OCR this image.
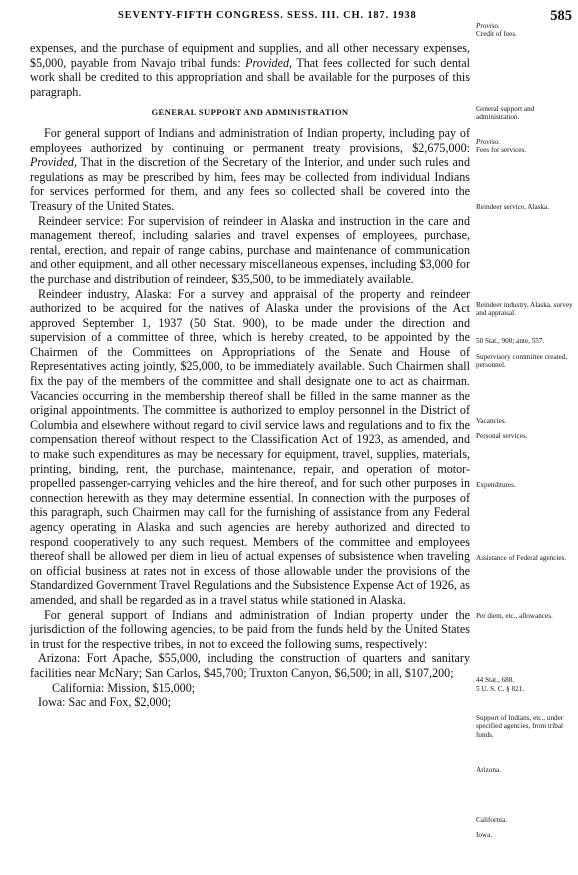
SEVENTY-FIFTH CONGRESS. SESS. III. CH. 187. 1938	585

expenses, and the purchase of equipment and supplies, and all other necessary expenses, $5,000, payable from Navajo tribal funds: Provided, That fees collected for such dental work shall be credited to this appropriation and shall be available for the purposes of this paragraph.

GENERAL SUPPORT AND ADMINISTRATION

For general support of Indians and administration of Indian property, including pay of employees authorized by continuing or permanent treaty provisions, $2,675,000: Provided, That in the discretion of the Secretary of the Interior, and under such rules and regulations as may be prescribed by him, fees may be collected from individual Indians for services performed for them, and any fees so collected shall be covered into the Treasury of the United States.

Reindeer service: For supervision of reindeer in Alaska and instruction in the care and management thereof, including salaries and travel expenses of employees, purchase, rental, erection, and repair of range cabins, purchase and maintenance of communication and other equipment, and all other necessary miscellaneous expenses, including $3,000 for the purchase and distribution of reindeer, $35,500, to be immediately available.

Reindeer industry, Alaska: For a survey and appraisal of the property and reindeer authorized to be acquired for the natives of Alaska under the provisions of the Act approved September 1, 1937 (50 Stat. 900), to be made under the direction and supervision of a committee of three, which is hereby created, to be appointed by the Chairmen of the Committees on Appropriations of the Senate and House of Representatives acting jointly, $25,000, to be immediately available. Such Chairmen shall fix the pay of the members of the committee and shall designate one to act as chairman. Vacancies occurring in the membership thereof shall be filled in the same manner as the original appointments. The committee is authorized to employ personnel in the District of Columbia and elsewhere without regard to civil service laws and regulations and to fix the compensation thereof without respect to the Classification Act of 1923, as amended, and to make such expenditures as may be necessary for equipment, travel, supplies, materials, printing, binding, rent, the purchase, maintenance, repair, and operation of motor-propelled passenger-carrying vehicles and the hire thereof, and for such other purposes in connection herewith as they may determine essential. In connection with the purposes of this paragraph, such Chairmen may call for the furnishing of assistance from any Federal agency operating in Alaska and such agencies are hereby authorized and directed to respond cooperatively to any such request. Members of the committee and employees thereof shall be allowed per diem in lieu of actual expenses of subsistence when traveling on official business at rates not in excess of those allowable under the provisions of the Standardized Government Travel Regulations and the Subsistence Expense Act of 1926, as amended, and shall be regarded as in a travel status while stationed in Alaska.

For general support of Indians and administration of Indian property under the jurisdiction of the following agencies, to be paid from the funds held by the United States in trust for the respective tribes, in not to exceed the following sums, respectively:

Arizona: Fort Apache, $55,000, including the construction of quarters and sanitary facilities near McNary; San Carlos, $45,700; Truxton Canyon, $6,500; in all, $107,200;

California: Mission, $15,000;

Iowa: Sac and Fox, $2,000;

Proviso.
Credit of fees.
General support and administration.
Proviso.
Fees for services.
Reindeer service, Alaska.
Reindeer industry, Alaska, survey and appraisal.
50 Stat., 900; ante, 557.
Supervisory committee created, personnel.
Vacancies.
Personal services.
Expenditures.
Assistance of Federal agencies.
Per diem, etc., allowances.
44 Stat., 688.
5 U. S. C. § 821.
Support of Indians, etc., under specified agencies, from tribal funds.
Arizona.
California.
Iowa.
